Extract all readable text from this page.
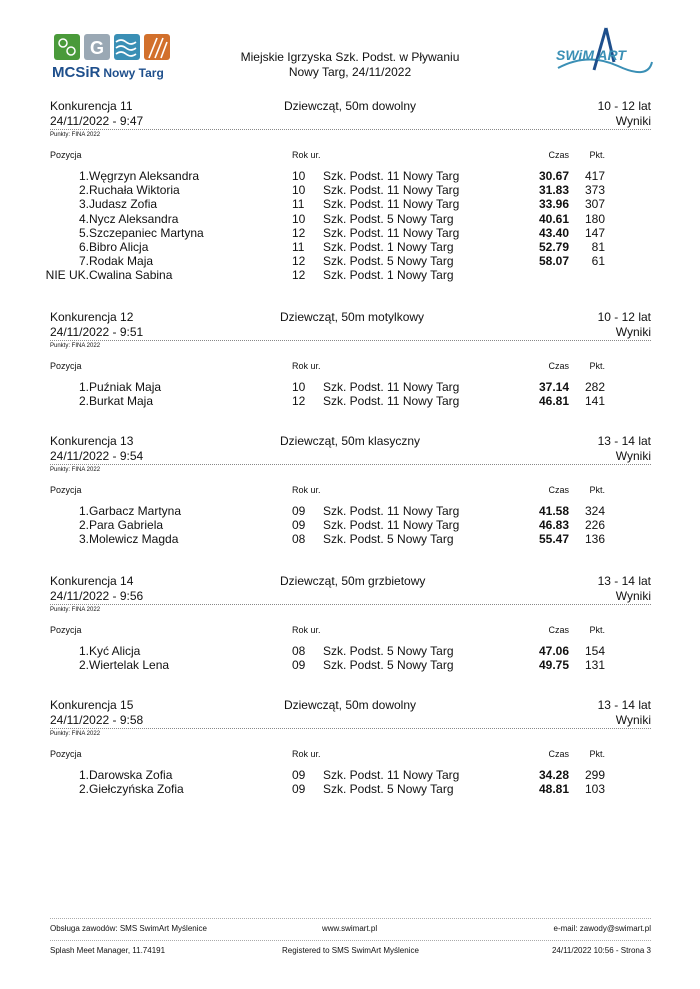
G
MCSiR Nowy Targ
Miejskie Igrzyska Szk. Podst. w Pływaniu
Nowy Targ, 24/11/2022
SWiM ART
Konkurencja 11
24/11/2022 - 9:47
Dziewcząt, 50m dowolny	10 - 12 lat
Wyniki
Punkty: FINA 2022
Pozycja	Rok ur.	Czas Pkt.
1. Węgrzyn Aleksandra	10 Szk. Podst. 11 Nowy Targ	30.67 417
2. Ruchała Wiktoria	10 Szk. Podst. 11 Nowy Targ	31.83 373
3. Judasz Zofia	11 Szk. Podst. 11 Nowy Targ	33.96 307
4. Nycz Aleksandra	10 Szk. Podst. 5 Nowy Targ	40.61 180
5. Szczepaniec Martyna	12 Szk. Podst. 11 Nowy Targ	43.40 147
6. Bibro Alicja	11 Szk. Podst. 1 Nowy Targ	52.79 81
7. Rodak Maja	12 Szk. Podst. 5 Nowy Targ	58.07 61
NIE UK. Cwalina Sabina	12 Szk. Podst. 1 Nowy Targ
Konkurencja 12
24/11/2022 - 9:51
Dziewcząt, 50m motylkowy	10 - 12 lat
Wyniki
Punkty: FINA 2022
Pozycja	Rok ur.	Czas Pkt.
1. Puźniak Maja	10 Szk. Podst. 11 Nowy Targ	37.14 282
2. Burkat Maja	12 Szk. Podst. 11 Nowy Targ	46.81 141
Konkurencja 13
24/11/2022 - 9:54
Dziewcząt, 50m klasyczny	13 - 14 lat
Wyniki
Punkty: FINA 2022
Pozycja	Rok ur.	Czas Pkt.
1. Garbacz Martyna	09 Szk. Podst. 11 Nowy Targ	41.58 324
2. Para Gabriela	09 Szk. Podst. 11 Nowy Targ	46.83 226
3. Molewicz Magda	08 Szk. Podst. 5 Nowy Targ	55.47 136
Konkurencja 14
24/11/2022 - 9:56
Dziewcząt, 50m grzbietowy	13 - 14 lat
Wyniki
Punkty: FINA 2022
Pozycja	Rok ur.	Czas Pkt.
1. Kyć Alicja	08 Szk. Podst. 5 Nowy Targ	47.06 154
2. Wiertelak Lena	09 Szk. Podst. 5 Nowy Targ	49.75 131
Konkurencja 15
24/11/2022 - 9:58
Dziewcząt, 50m dowolny	13 - 14 lat
Wyniki
Punkty: FINA 2022
Pozycja	Rok ur.	Czas Pkt.
1. Darowska Zofia	09 Szk. Podst. 11 Nowy Targ	34.28 299
2. Giełczyńska Zofia	09 Szk. Podst. 5 Nowy Targ	48.81 103
Obsługa zawodów: SMS SwimArt Myślenice	www.swimart.pl	e-mail: zawody@swimart.pl
Splash Meet Manager, 11.74191	Registered to SMS SwimArt Myślenice	24/11/2022 10:56 - Strona 3
